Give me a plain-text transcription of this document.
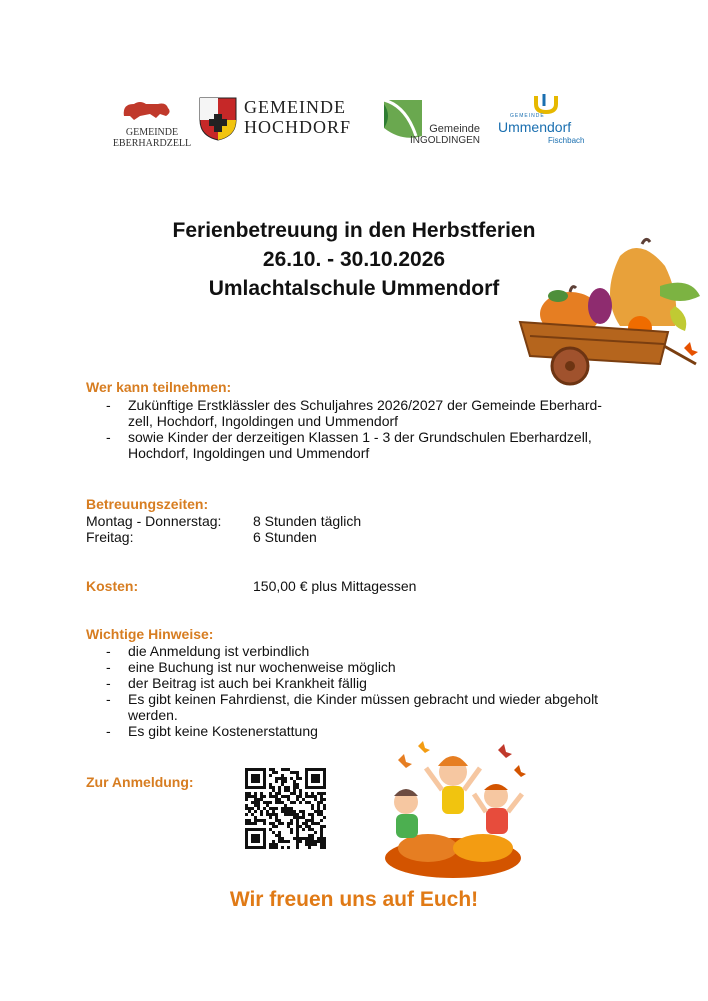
GEMEINDE
EBERHARDZELL
GEMEINDE
HOCHDORF	Gemeinde
INGOLDINGEN
GEMEINDE
Ummendorf
Fischbach
Ferienbetreuung in den Herbstferien
26.10. - 30.10.2026
Umlachtalschule Ummendorf
Wer kann teilnehmen:
- Zukünftige Erstklässler des Schuljahres 2026/2027 der Gemeinde Eberhard-zell, Hochdorf, Ingoldingen und Ummendorf
- sowie Kinder der derzeitigen Klassen 1 - 3 der Grundschulen Eberhardzell, Hochdorf, Ingoldingen und Ummendorf
Betreuungszeiten:
Montag - Donnerstag: 8 Stunden täglich
Freitag:	6 Stunden
Kosten:	150,00 € plus Mittagessen
Wichtige Hinweise:
- die Anmeldung ist verbindlich
- eine Buchung ist nur wochenweise möglich
- der Beitrag ist auch bei Krankheit fällig
- Es gibt keinen Fahrdienst, die Kinder müssen gebracht und wieder abgeholt werden.
- Es gibt keine Kostenerstattung
Zur Anmeldung:
Wir freuen uns auf Euch!
